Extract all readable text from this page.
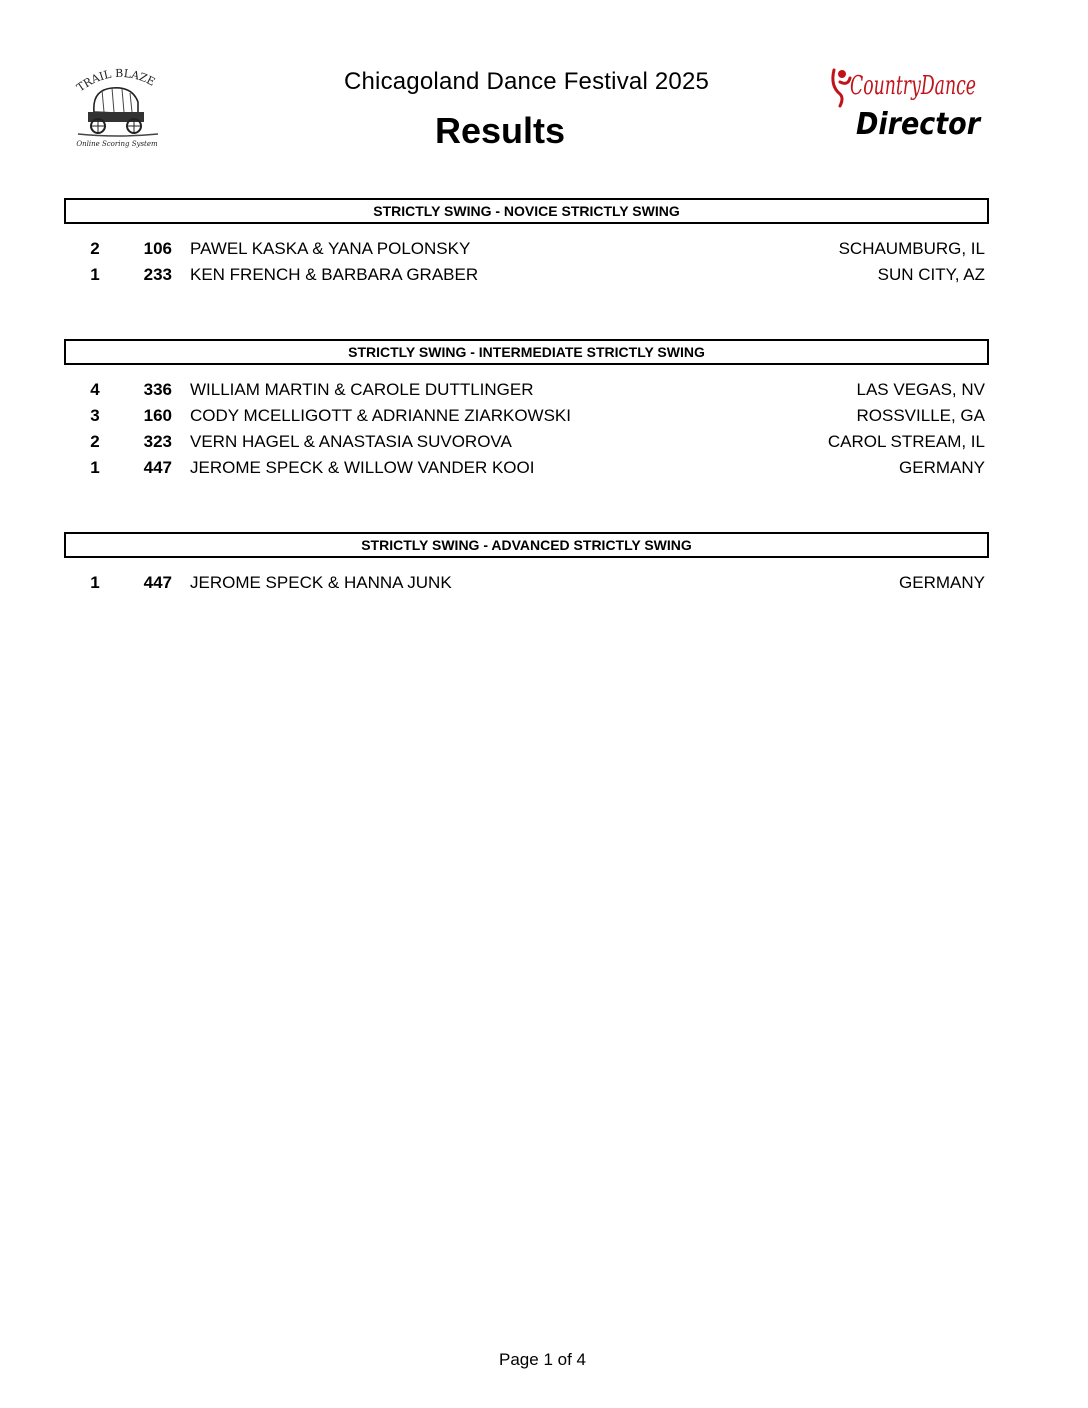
TRAIL BLAZE
Online Scoring System
Chicagoland Dance Festival 2025
Results
CountryDance
Director
STRICTLY SWING - NOVICE STRICTLY SWING
2	106 PAWEL KASKA & YANA POLONSKY	SCHAUMBURG, IL
1	233 KEN FRENCH & BARBARA GRABER	SUN CITY, AZ
STRICTLY SWING - INTERMEDIATE STRICTLY SWING
4	336 WILLIAM MARTIN & CAROLE DUTTLINGER	LAS VEGAS, NV
3	160 CODY MCELLIGOTT & ADRIANNE ZIARKOWSKI	ROSSVILLE, GA
2	323 VERN HAGEL & ANASTASIA SUVOROVA	CAROL STREAM, IL
1	447 JEROME SPECK & WILLOW VANDER KOOI	GERMANY
STRICTLY SWING - ADVANCED STRICTLY SWING
1	447 JEROME SPECK & HANNA JUNK	GERMANY
Page 1 of 4
